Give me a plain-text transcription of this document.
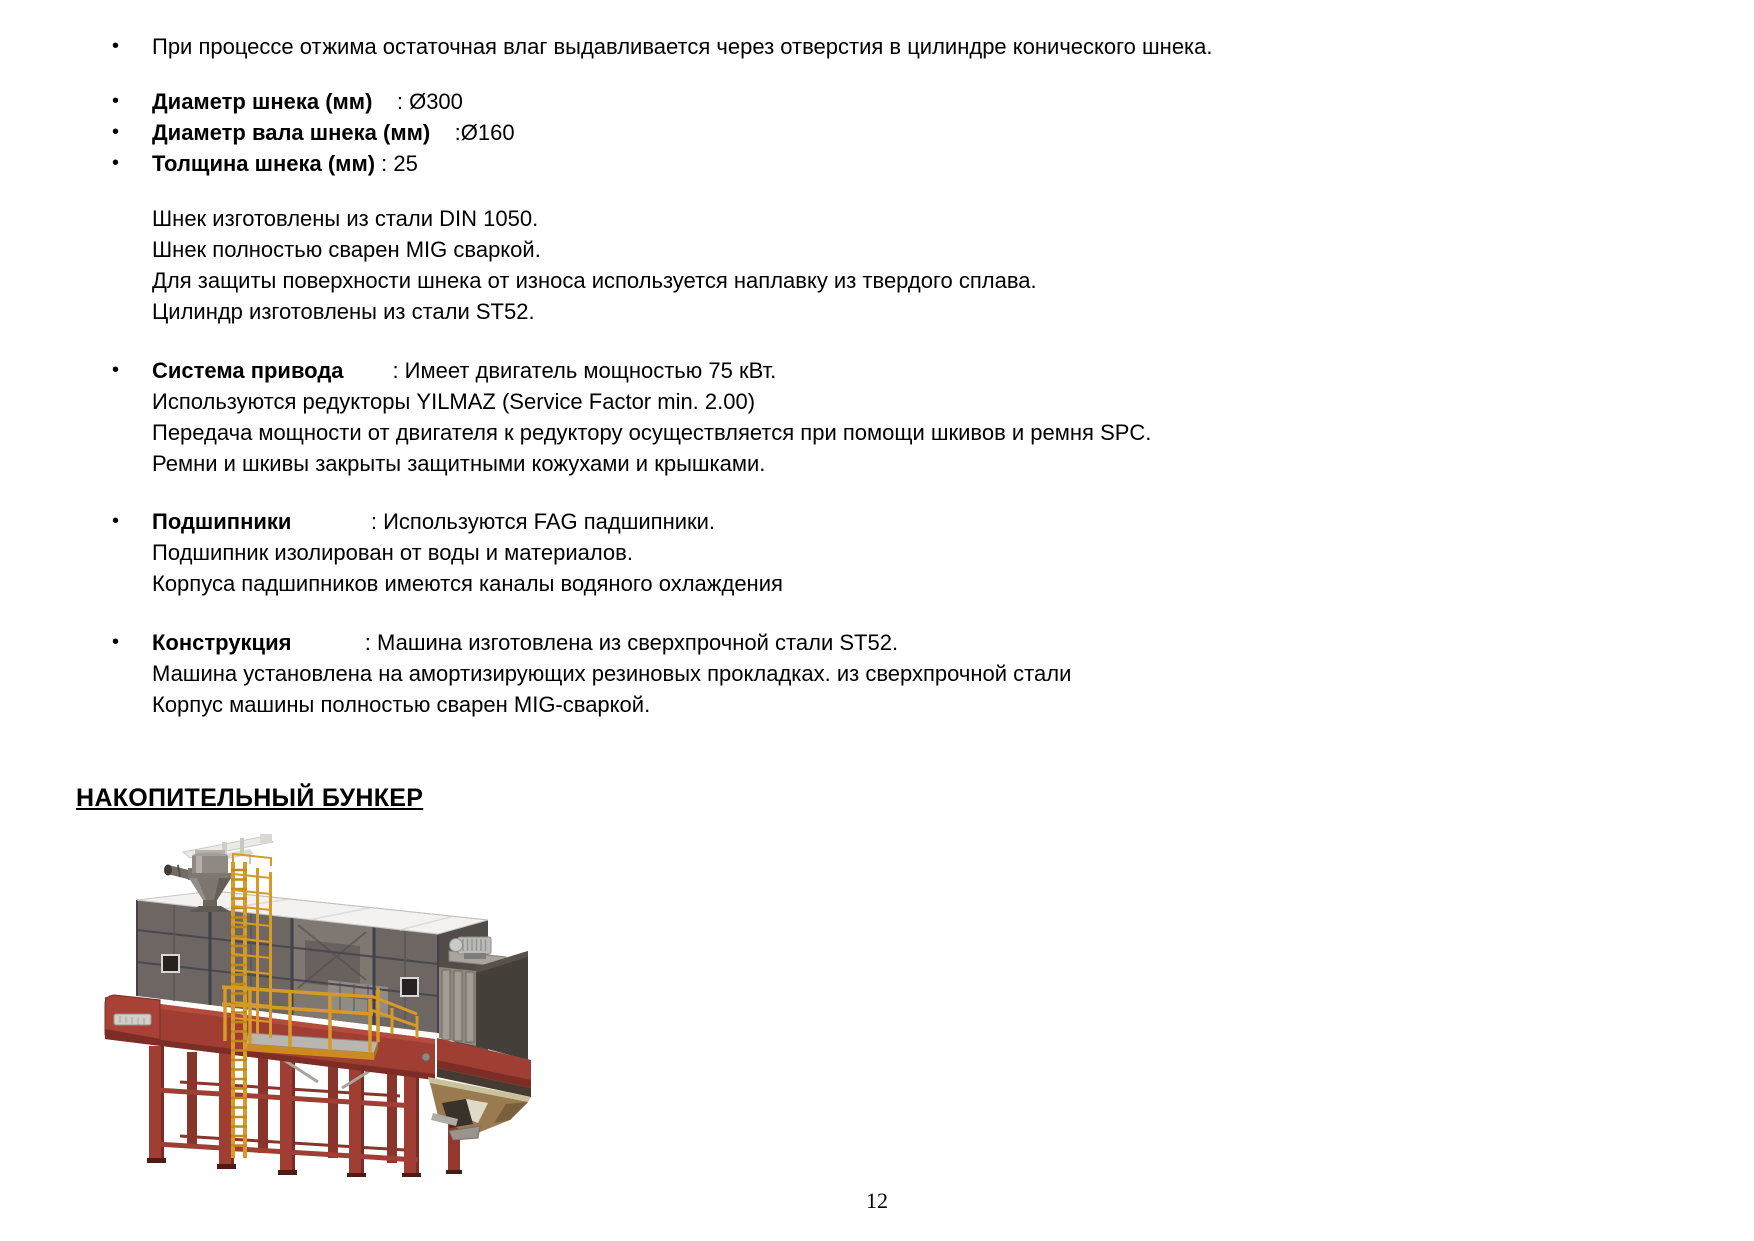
•	При процессе отжима остаточная влаг выдавливается через отверстия в цилиндре конического шнека.
•	Диаметр шнека (мм)    : Ø300
•	Диаметр вала шнека (мм)    :Ø160
•	Толщина шнека (мм) : 25
Шнек изготовлены из стали DIN 1050.
Шнек полностью сварен MIG сваркой.
Для защиты поверхности шнека от износа используется наплавку из твердого сплава.
Цилиндр изготовлены из стали ST52.
•	Система привода        : Имеет двигатель мощностью 75 кВт.
Используются редукторы YILMAZ (Service Factor min. 2.00)
Передача мощности от двигателя к редуктору осуществляется при помощи шкивов и ремня SPC.
Ремни и шкивы закрыты защитными кожухами и крышками.
•	Подшипники             : Используются FAG падшипники.
Подшипник изолирован от воды и материалов.
Корпуса падшипников имеются каналы водяного охлаждения
•	Конструкция            : Машина изготовлена из сверхпрочной стали ST52.
Машина установлена на амортизирующих резиновых прокладках. из сверхпрочной стали
Корпус машины полностью сварен MIG-сваркой.
НАКОПИТЕЛЬНЫЙ БУНКЕР
12
